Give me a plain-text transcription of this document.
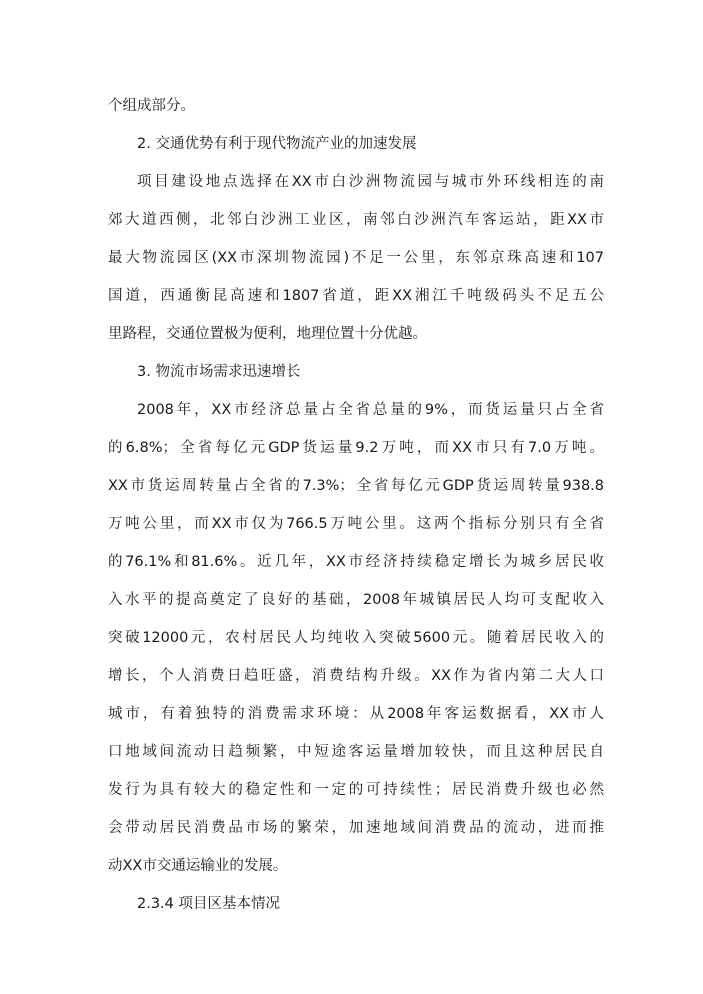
个组成部分。
2. 交通优势有利于现代物流产业的加速发展
项目建设地点选择在XX市白沙洲物流园与城市外环线相连的南
郊大道西侧，北邻白沙洲工业区，南邻白沙洲汽车客运站，距XX市
最大物流园区(XX市深圳物流园)不足一公里，东邻京珠高速和107
国道，西通衡昆高速和1807省道，距XX湘江千吨级码头不足五公
里路程，交通位置极为便利，地理位置十分优越。
3. 物流市场需求迅速增长
2008年，XX市经济总量占全省总量的9%，而货运量只占全省
的6.8%；全省每亿元GDP货运量9.2万吨，而XX市只有7.0万吨。
XX市货运周转量占全省的7.3%；全省每亿元GDP货运周转量938.8
万吨公里，而XX市仅为766.5万吨公里。这两个指标分别只有全省
的76.1%和81.6%。近几年，XX市经济持续稳定增长为城乡居民收
入水平的提高奠定了良好的基础，2008年城镇居民人均可支配收入
突破12000元，农村居民人均纯收入突破5600元。随着居民收入的
增长，个人消费日趋旺盛，消费结构升级。XX作为省内第二大人口
城市，有着独特的消费需求环境：从2008年客运数据看，XX市人
口地域间流动日趋频繁，中短途客运量增加较快，而且这种居民自
发行为具有较大的稳定性和一定的可持续性；居民消费升级也必然
会带动居民消费品市场的繁荣，加速地域间消费品的流动，进而推
动XX市交通运输业的发展。
2.3.4 项目区基本情况
